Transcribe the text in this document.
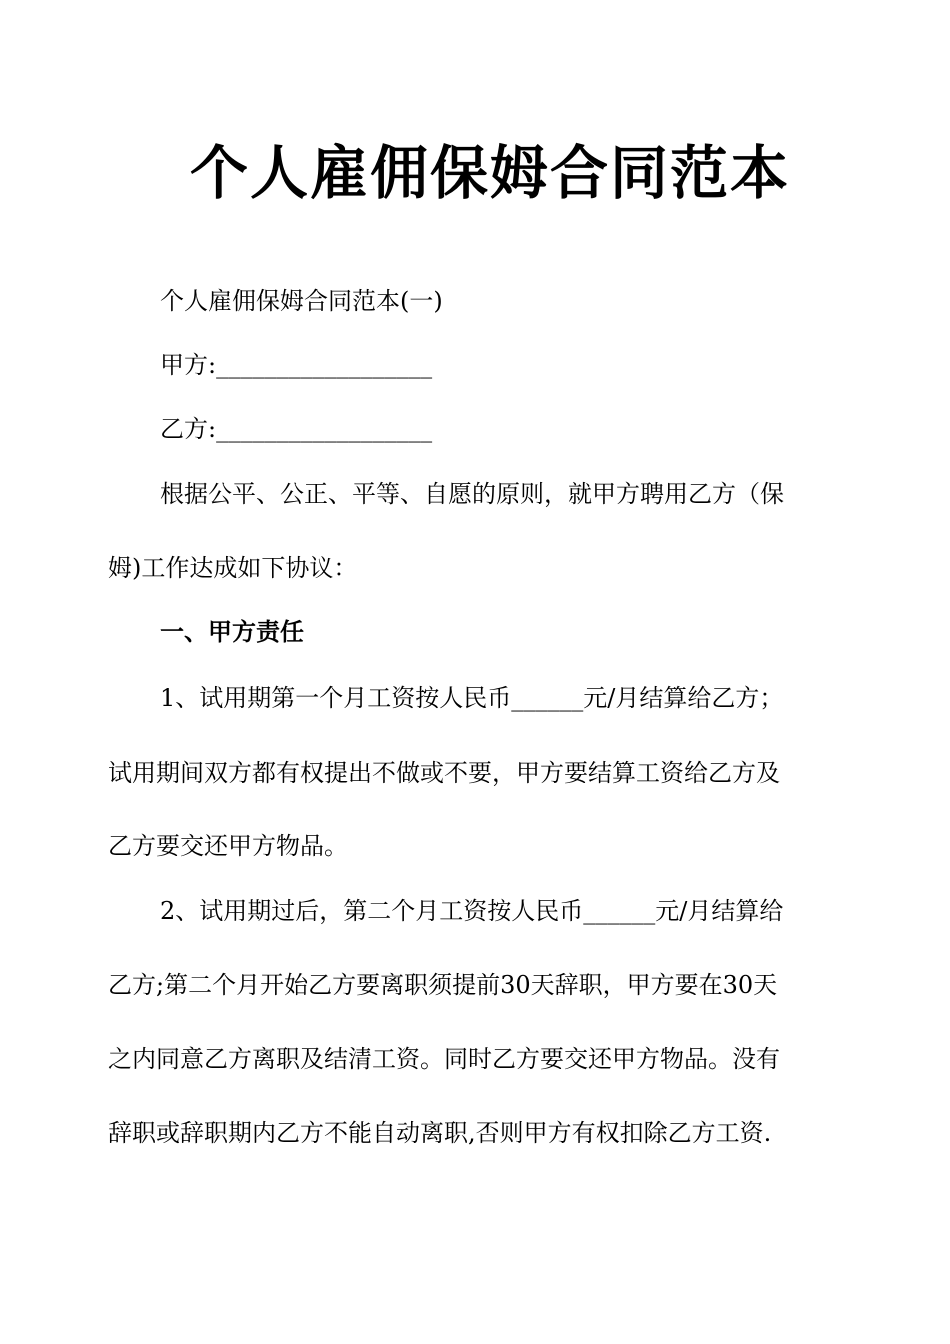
个人雇佣保姆合同范本
个人雇佣保姆合同范本(一)
甲方:__________________
乙方:__________________
根据公平、公正、平等、自愿的原则，就甲方聘用乙方（保
姆)工作达成如下协议：
一、甲方责任
1、试用期第一个月工资按人民币______元/月结算给乙方；
试用期间双方都有权提出不做或不要，甲方要结算工资给乙方及
乙方要交还甲方物品。
2、试用期过后，第二个月工资按人民币______元/月结算给
乙方;第二个月开始乙方要离职须提前30天辞职，甲方要在30天
之内同意乙方离职及结清工资。同时乙方要交还甲方物品。没有
辞职或辞职期内乙方不能自动离职,否则甲方有权扣除乙方工资.
